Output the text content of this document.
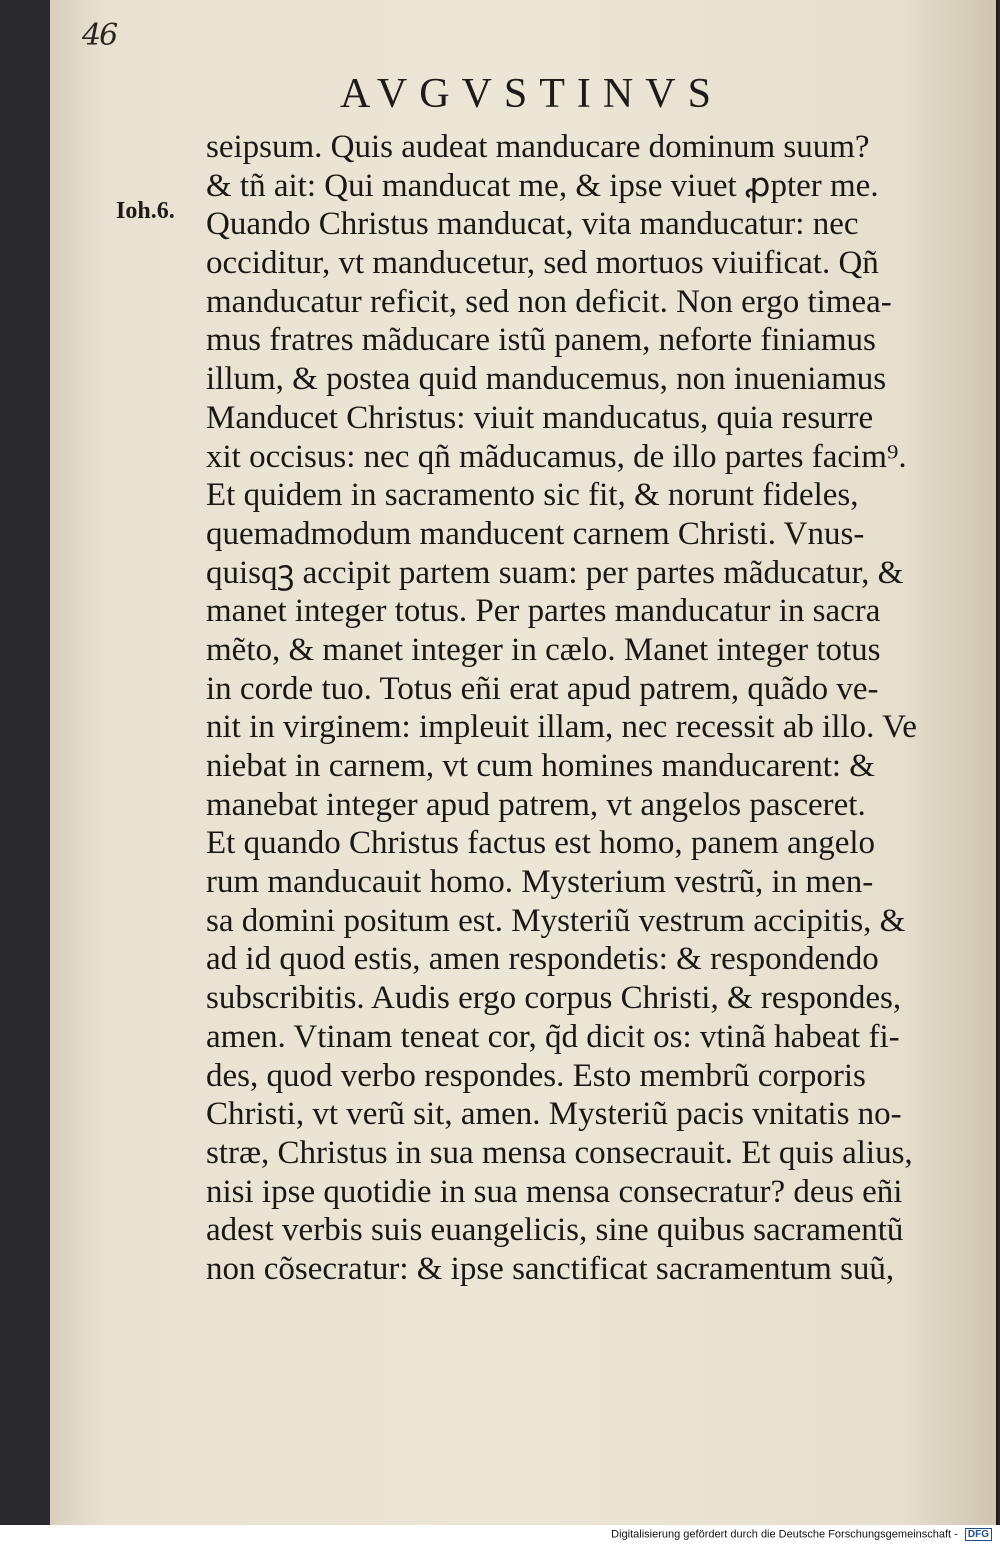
46
AVGVSTINVS
Ioh.6.
seipsum. Quis audeat manducare dominum suum?
& tñ ait: Qui manducat me, & ipse viuet ꝓpter me.
Quando Christus manducat, vita manducatur: nec
occiditur, vt manducetur, sed mortuos viuificat. Qñ
manducatur reficit, sed non deficit. Non ergo timea-
mus fratres mãducare istũ panem, neforte finiamus
illum, & postea quid manducemus, non inueniamus
Manducet Christus: viuit manducatus, quia resurre
xit occisus: nec qñ mãducamus, de illo partes facim⁹.
Et quidem in sacramento sic fit, & norunt fideles,
quemadmodum manducent carnem Christi. Vnus-
quisqꝫ accipit partem suam: per partes mãducatur, &
manet integer totus. Per partes manducatur in sacra
mẽto, & manet integer in cælo. Manet integer totus
in corde tuo. Totus eñi erat apud patrem, quãdo ve-
nit in virginem: impleuit illam, nec recessit ab illo. Ve
niebat in carnem, vt cum homines manducarent: &
manebat integer apud patrem, vt angelos pasceret.
Et quando Christus factus est homo, panem angelo
rum manducauit homo. Mysterium vestrũ, in men-
sa domini positum est. Mysteriũ vestrum accipitis, &
ad id quod estis, amen respondetis: & respondendo
subscribitis. Audis ergo corpus Christi, & respondes,
amen. Vtinam teneat cor, q̃d dicit os: vtinã habeat fi-
des, quod verbo respondes. Esto membrũ corporis
Christi, vt verũ sit, amen. Mysteriũ pacis vnitatis no-
stræ, Christus in sua mensa consecrauit. Et quis alius,
nisi ipse quotidie in sua mensa consecratur? deus eñi
adest verbis suis euangelicis, sine quibus sacramentũ
non cõsecratur: & ipse sanctificat sacramentum suũ,
Digitalisierung gefördert durch die Deutsche Forschungsgemeinschaft - DFG
